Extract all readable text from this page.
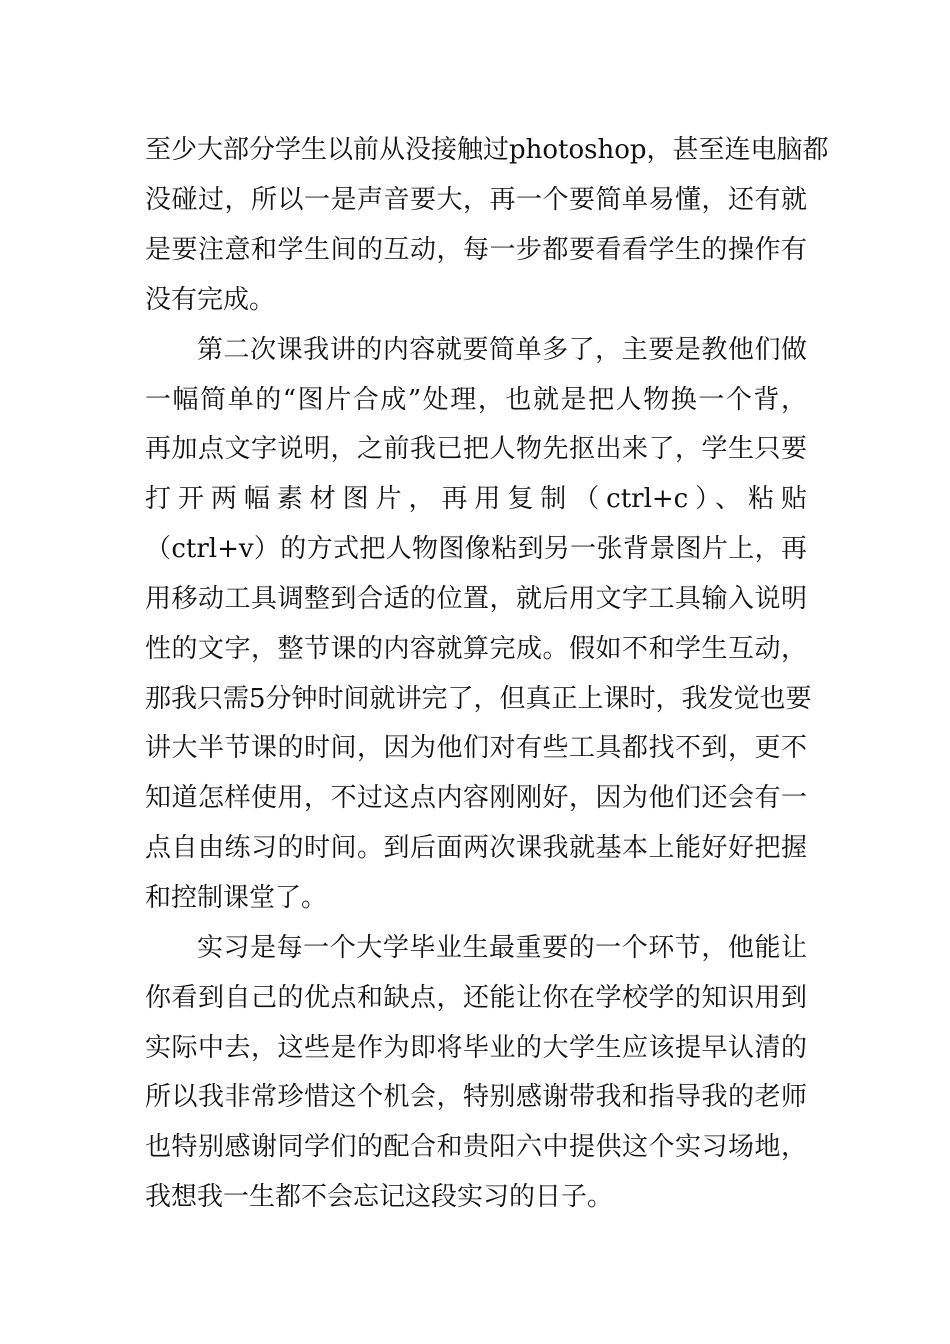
至少大部分学生以前从没接触过photoshop，甚至连电脑都
没碰过，所以一是声音要大，再一个要简单易懂，还有就
是要注意和学生间的互动，每一步都要看看学生的操作有
没有完成。
第二次课我讲的内容就要简单多了，主要是教他们做
一幅简单的“图片合成”处理，也就是把人物换一个背，
再加点文字说明，之前我已把人物先抠出来了，学生只要
打开两幅素材图片，再用复制（ctrl+c）、粘贴
（ctrl+v）的方式把人物图像粘到另一张背景图片上，再
用移动工具调整到合适的位置，就后用文字工具输入说明
性的文字，整节课的内容就算完成。假如不和学生互动，
那我只需5分钟时间就讲完了，但真正上课时，我发觉也要
讲大半节课的时间，因为他们对有些工具都找不到，更不
知道怎样使用，不过这点内容刚刚好，因为他们还会有一
点自由练习的时间。到后面两次课我就基本上能好好把握
和控制课堂了。
实习是每一个大学毕业生最重要的一个环节，他能让
你看到自己的优点和缺点，还能让你在学校学的知识用到
实际中去，这些是作为即将毕业的大学生应该提早认清的
所以我非常珍惜这个机会，特别感谢带我和指导我的老师
也特别感谢同学们的配合和贵阳六中提供这个实习场地，
我想我一生都不会忘记这段实习的日子。
